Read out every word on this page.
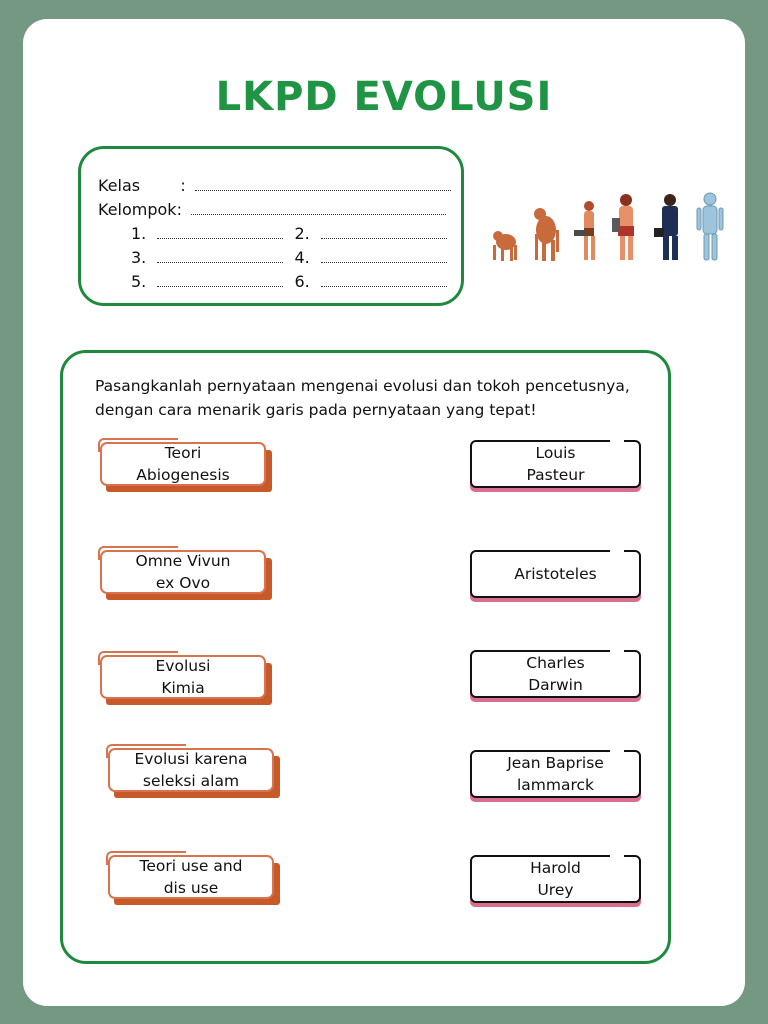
LKPD EVOLUSI
Kelas	:
Kelompok:
1.	2.
3.	4.
5.	6.
Pasangkanlah pernyataan mengenai evolusi dan tokoh pencetusnya,
dengan cara menarik garis pada pernyataan yang tepat!
Teori
Abiogenesis
Omne Vivun
ex Ovo
Evolusi
Kimia
Evolusi karena
seleksi alam
Teori use and
dis use
Louis
Pasteur
Aristoteles
Charles
Darwin
Jean Baprise
lammarck
Harold
Urey
